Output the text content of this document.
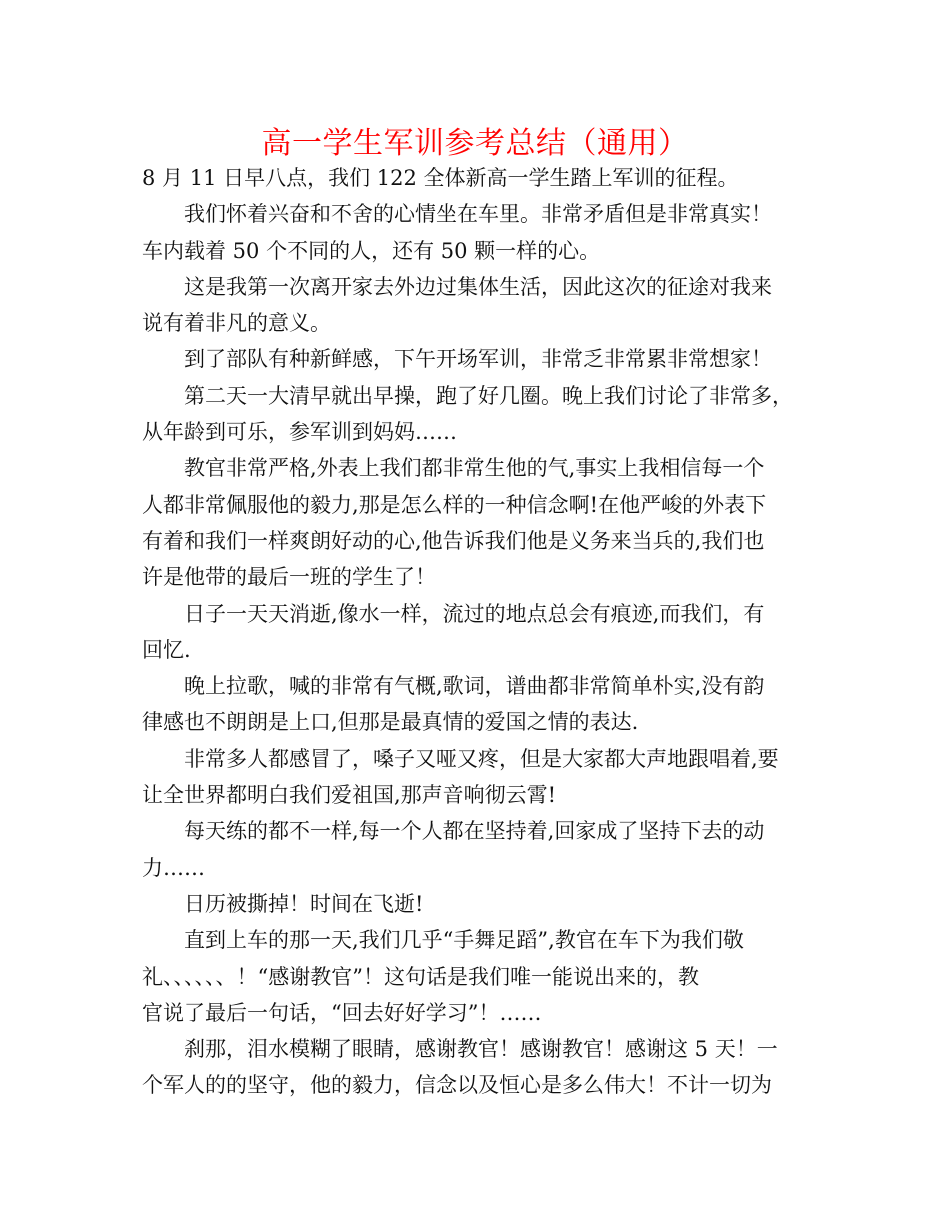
高一学生军训参考总结（通用）
8 月 11 日早八点，我们 122 全体新高一学生踏上军训的征程。
我们怀着兴奋和不舍的心情坐在车里。非常矛盾但是非常真实！
车内载着 50 个不同的人，还有 50 颗一样的心。
这是我第一次离开家去外边过集体生活，因此这次的征途对我来
说有着非凡的意义。
到了部队有种新鲜感，下午开场军训，非常乏非常累非常想家！
第二天一大清早就出早操，跑了好几圈。晚上我们讨论了非常多，
从年龄到可乐，参军训到妈妈……
教官非常严格,外表上我们都非常生他的气,事实上我相信每一个
人都非常佩服他的毅力,那是怎么样的一种信念啊!在他严峻的外表下
有着和我们一样爽朗好动的心,他告诉我们他是义务来当兵的,我们也
许是他带的最后一班的学生了！
日子一天天消逝,像水一样，流过的地点总会有痕迹,而我们，有
回忆.
晚上拉歌，喊的非常有气概,歌词，谱曲都非常简单朴实,没有韵
律感也不朗朗是上口,但那是最真情的爱国之情的表达.
非常多人都感冒了，嗓子又哑又疼，但是大家都大声地跟唱着,要
让全世界都明白我们爱祖国,那声音响彻云霄!
每天练的都不一样,每一个人都在坚持着,回家成了坚持下去的动
力……
日历被撕掉！时间在飞逝!
直到上车的那一天,我们几乎“手舞足蹈”,教官在车下为我们敬
礼、、、、、、！“感谢教官”！这句话是我们唯一能说出来的，教
官说了最后一句话，“回去好好学习”！……
刹那，泪水模糊了眼睛，感谢教官！感谢教官！感谢这 5 天！一
个军人的的坚守，他的毅力，信念以及恒心是多么伟大！不计一切为
